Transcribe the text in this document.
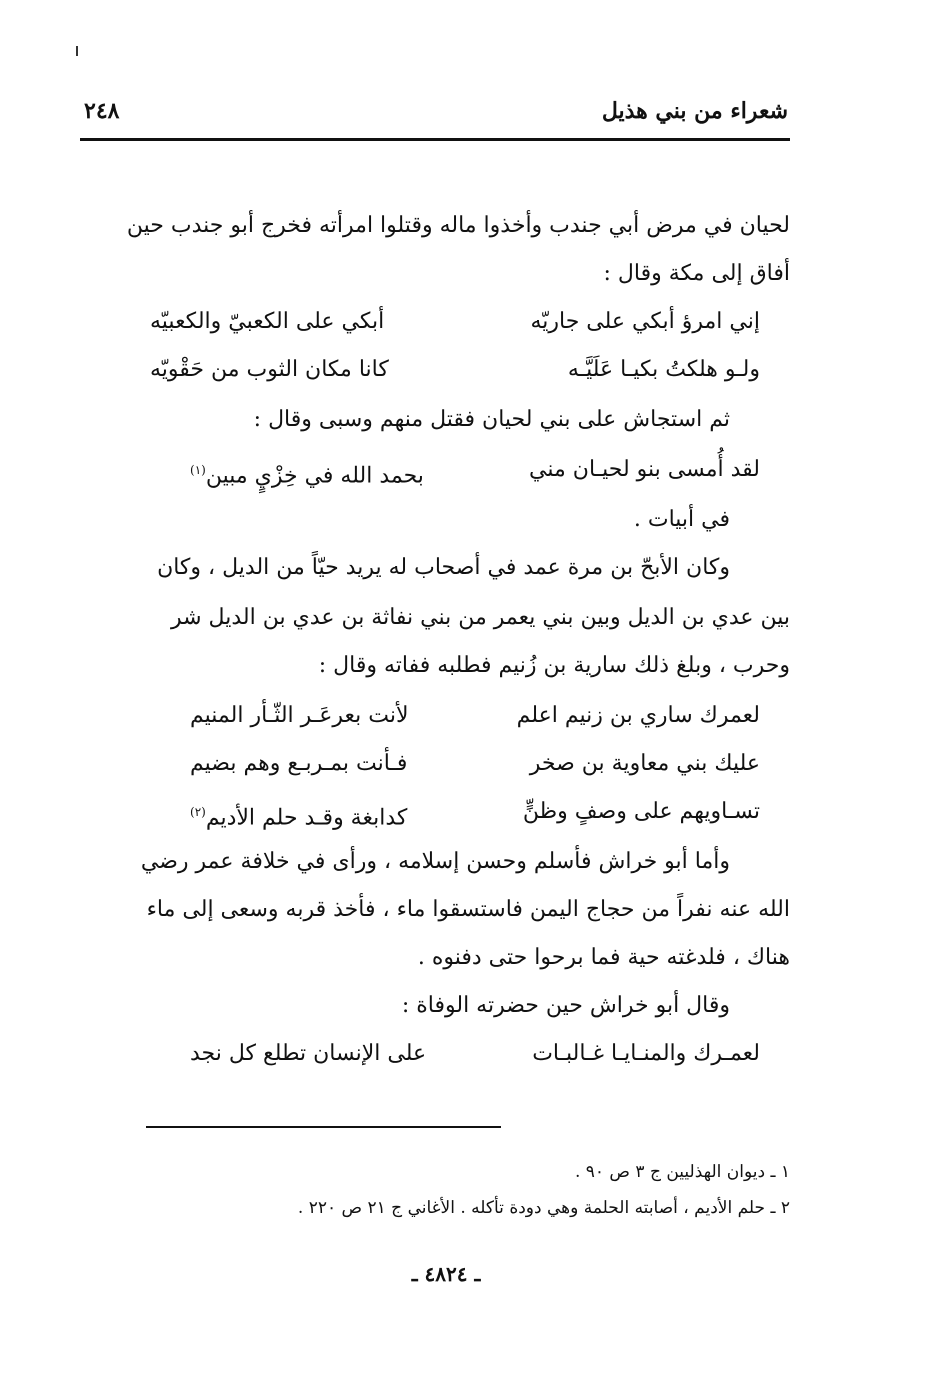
شعراء من بني هذيل
٢٤٨
لحيان في مرض أبي جندب وأخذوا ماله وقتلوا امرأته فخرج أبو جندب حين
أفاق إلى مكة وقال :
إني امرؤ أبكي على جاريّه
أبكي على الكعبيّ والكعبيّه
ولـو هلكتُ بكيـا عَلَيَّـه
كانا مكان الثوب من حَقْويّه
ثم استجاش على بني لحيان فقتل منهم وسبى وقال :
لقد أُمسى بنو لحيـان مني
بحمد الله في خِزْيٍ مبين$^{(١)}$
في أبيات .
وكان الأبحّ بن مرة عمد في أصحاب له يريد حيّاً من الديل ، وكان
بين عدي بن الديل وبين بني يعمر من بني نفاثة بن عدي بن الديل شر
وحرب ، وبلغ ذلك سارية بن زُنيم فطلبه ففاته وقال :
لعمرك ساري بن زنيم اعلم
لأنت بعرعَـر الثّـأر المنيم
عليك بني معاوية بن صخر
فـأنت بمـربـع وهم بضيم
تسـاويهم على وصفٍ وظنٍّ
كدابغة وقـد حلم الأديم$^{(٢)}$
وأما أبو خراش فأسلم وحسن إسلامه ، ورأى في خلافة عمر رضي
الله عنه نفراً من حجاج اليمن فاستسقوا ماء ، فأخذ قربه وسعى إلى ماء
هناك ، فلدغته حية فما برحوا حتى دفنوه .
وقال أبو خراش حين حضرته الوفاة :
لعمـرك والمنـايـا غـالبـات
على الإنسان تطلع كل نجد
١ ـ ديوان الهذليين ج ٣ ص ٩٠ .
٢ ـ حلم الأديم ، أصابته الحلمة وهي دودة تأكله . الأغاني ج ٢١ ص ٢٢٠ .
ـ ٤٨٢٤ ـ
